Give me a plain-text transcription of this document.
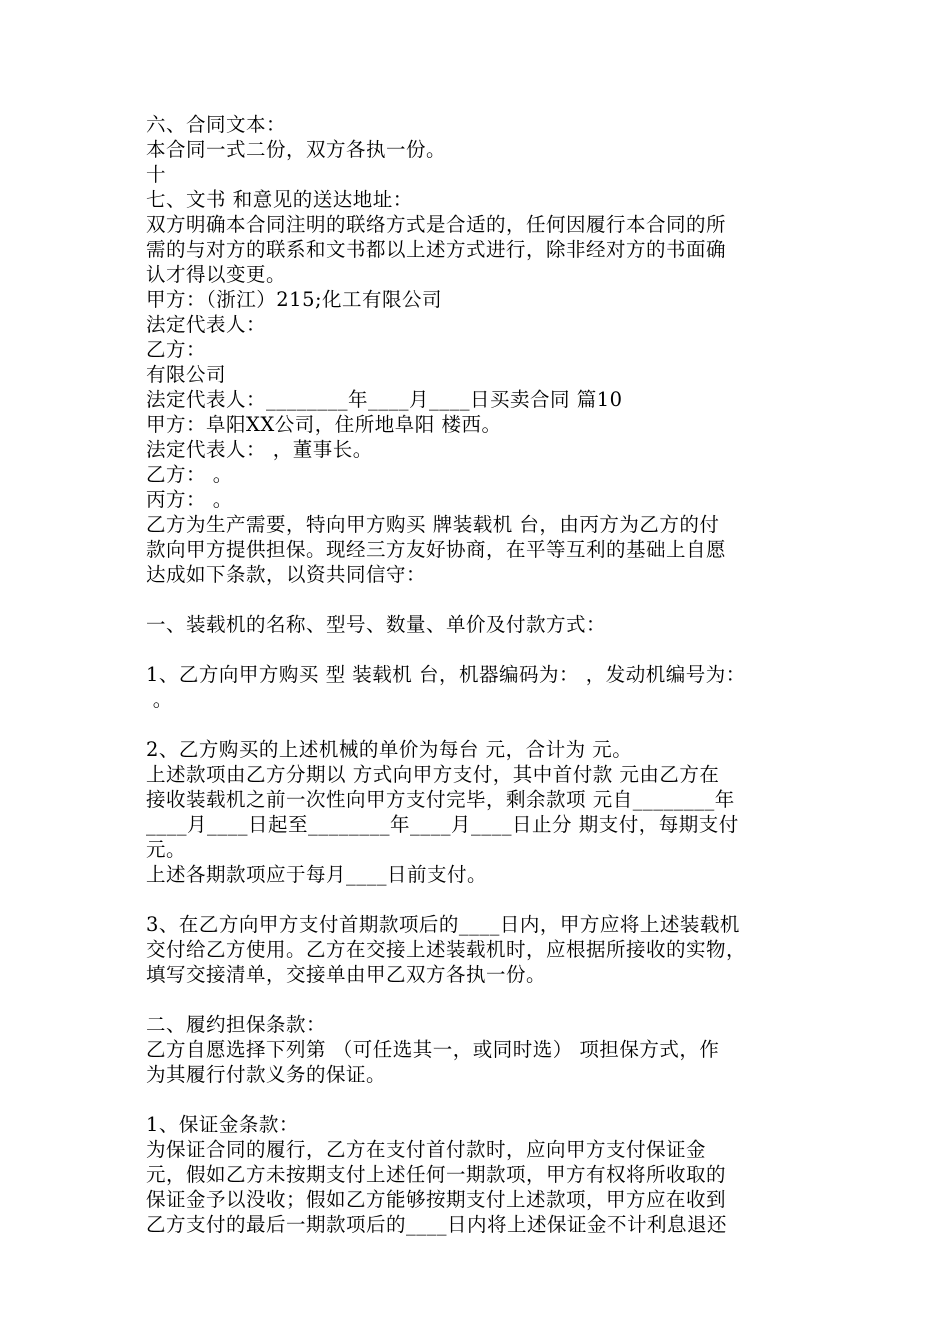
六、合同文本：
本合同一式二份，双方各执一份。
十
七、文书 和意见的送达地址：
双方明确本合同注明的联络方式是合适的，任何因履行本合同的所
需的与对方的联系和文书都以上述方式进行，除非经对方的书面确
认才得以变更。
甲方：（浙江）215;化工有限公司
法定代表人：
乙方：
有限公司
法定代表人：________年____月____日买卖合同 篇10
甲方：阜阳XX公司，住所地阜阳 楼西。
法定代表人： ，董事长。
乙方： 。
丙方： 。
乙方为生产需要，特向甲方购买 牌装载机 台，由丙方为乙方的付
款向甲方提供担保。现经三方友好协商，在平等互利的基础上自愿
达成如下条款，以资共同信守：
一、装载机的名称、型号、数量、单价及付款方式：
1、乙方向甲方购买 型 装载机 台，机器编码为： ，发动机编号为：
。
2、乙方购买的上述机械的单价为每台 元，合计为 元。
上述款项由乙方分期以 方式向甲方支付，其中首付款 元由乙方在
接收装载机之前一次性向甲方支付完毕，剩余款项 元自________年
____月____日起至________年____月____日止分 期支付，每期支付
元。
上述各期款项应于每月____日前支付。
3、在乙方向甲方支付首期款项后的____日内，甲方应将上述装载机
交付给乙方使用。乙方在交接上述装载机时，应根据所接收的实物，
填写交接清单，交接单由甲乙双方各执一份。
二、履约担保条款：
乙方自愿选择下列第 （可任选其一，或同时选） 项担保方式，作
为其履行付款义务的保证。
1、保证金条款：
为保证合同的履行，乙方在支付首付款时，应向甲方支付保证金
元，假如乙方未按期支付上述任何一期款项，甲方有权将所收取的
保证金予以没收；假如乙方能够按期支付上述款项，甲方应在收到
乙方支付的最后一期款项后的____日内将上述保证金不计利息退还
